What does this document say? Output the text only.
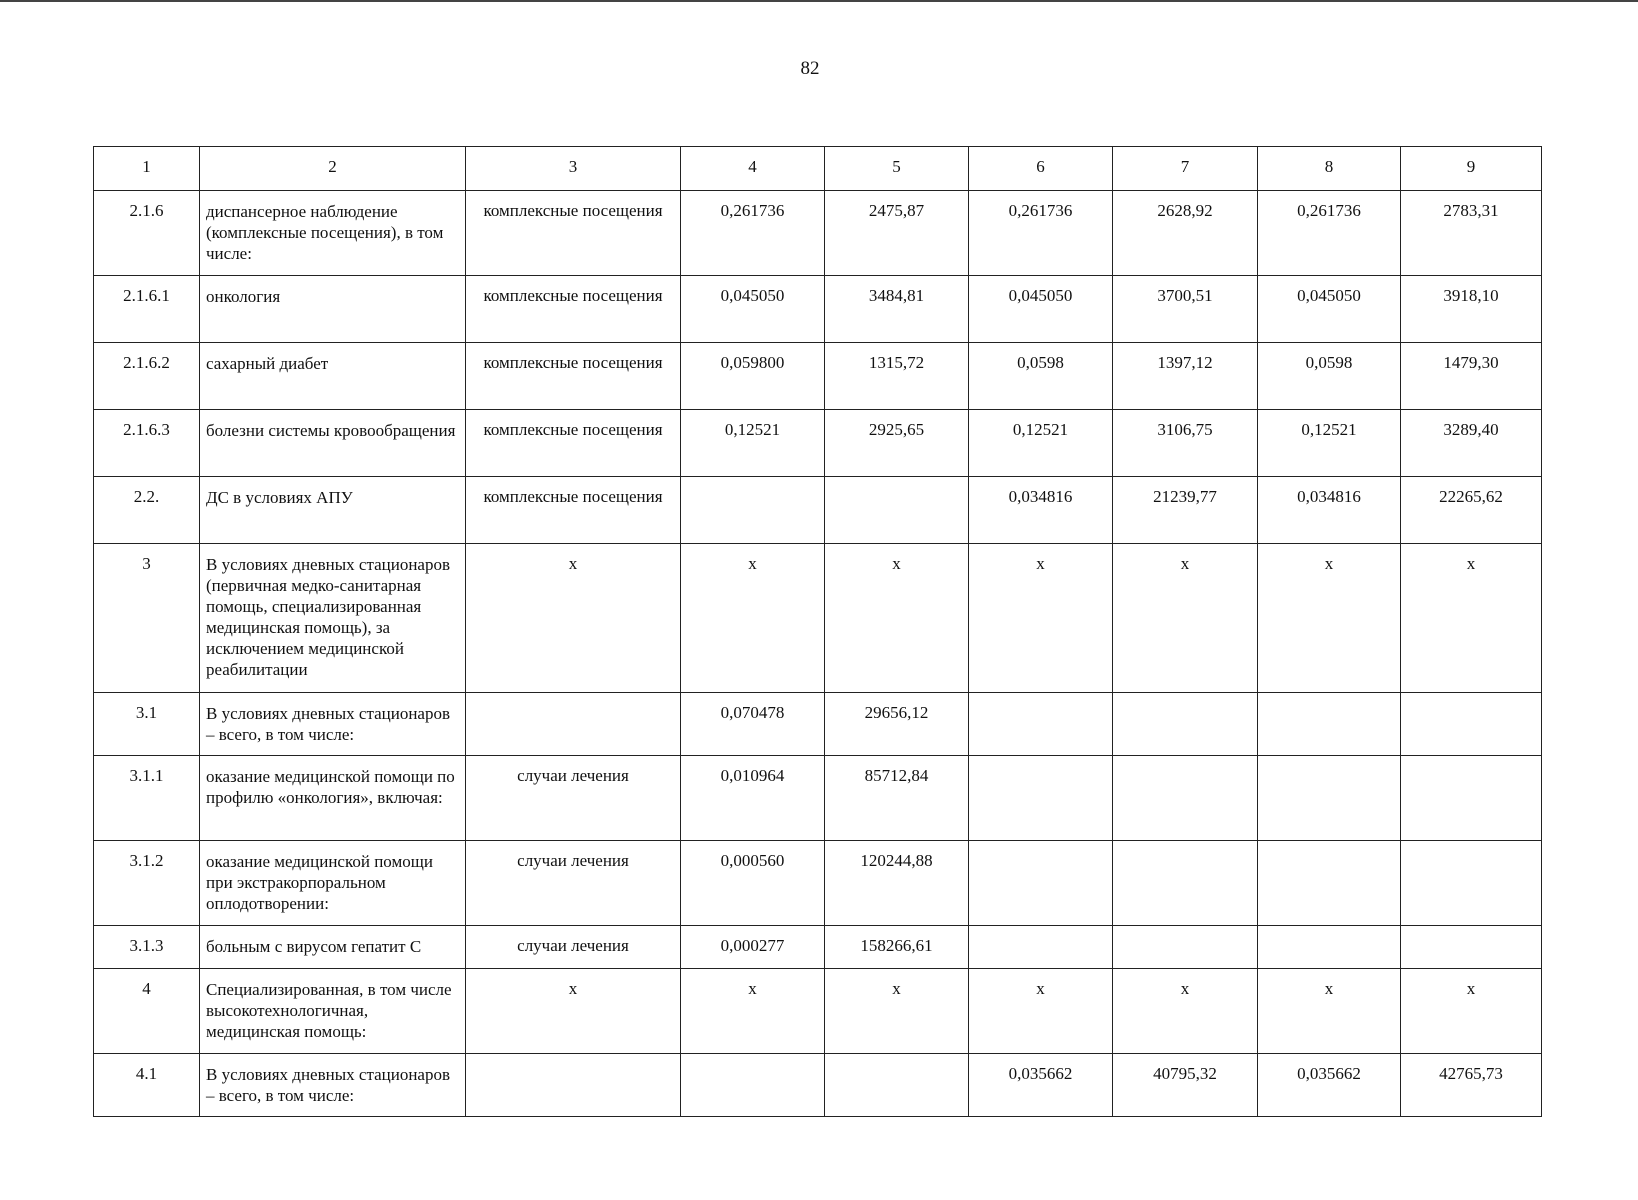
82
1	2	3	4	5	6	7	8	9
2.1.6	диспансерное наблюдение (комплексные посещения), в том числе:	комплексные посещения	0,261736	2475,87	0,261736	2628,92	0,261736	2783,31
2.1.6.1	онкология	комплексные посещения	0,045050	3484,81	0,045050	3700,51	0,045050	3918,10
2.1.6.2	сахарный диабет	комплексные посещения	0,059800	1315,72	0,0598	1397,12	0,0598	1479,30
2.1.6.3	болезни системы кровообращения	комплексные посещения	0,12521	2925,65	0,12521	3106,75	0,12521	3289,40
2.2.	ДС в условиях АПУ	комплексные посещения			0,034816	21239,77	0,034816	22265,62
3	В условиях дневных стационаров (первичная медко-санитарная помощь, специализированная медицинская помощь), за исключением медицинской реабилитации	х	х	х	х	х	х	х
3.1	В условиях дневных стационаров – всего, в том числе:		0,070478	29656,12				
3.1.1	оказание медицинской помощи по профилю «онкология», включая:	случаи лечения	0,010964	85712,84				
3.1.2	оказание медицинской помощи при экстракорпоральном оплодотворении:	случаи лечения	0,000560	120244,88				
3.1.3	больным с вирусом гепатит С	случаи лечения	0,000277	158266,61				
4	Специализированная, в том числе высокотехнологичная, медицинская помощь:	х	х	х	х	х	х	х
4.1	В условиях дневных стационаров – всего, в том числе:				0,035662	40795,32	0,035662	42765,73
